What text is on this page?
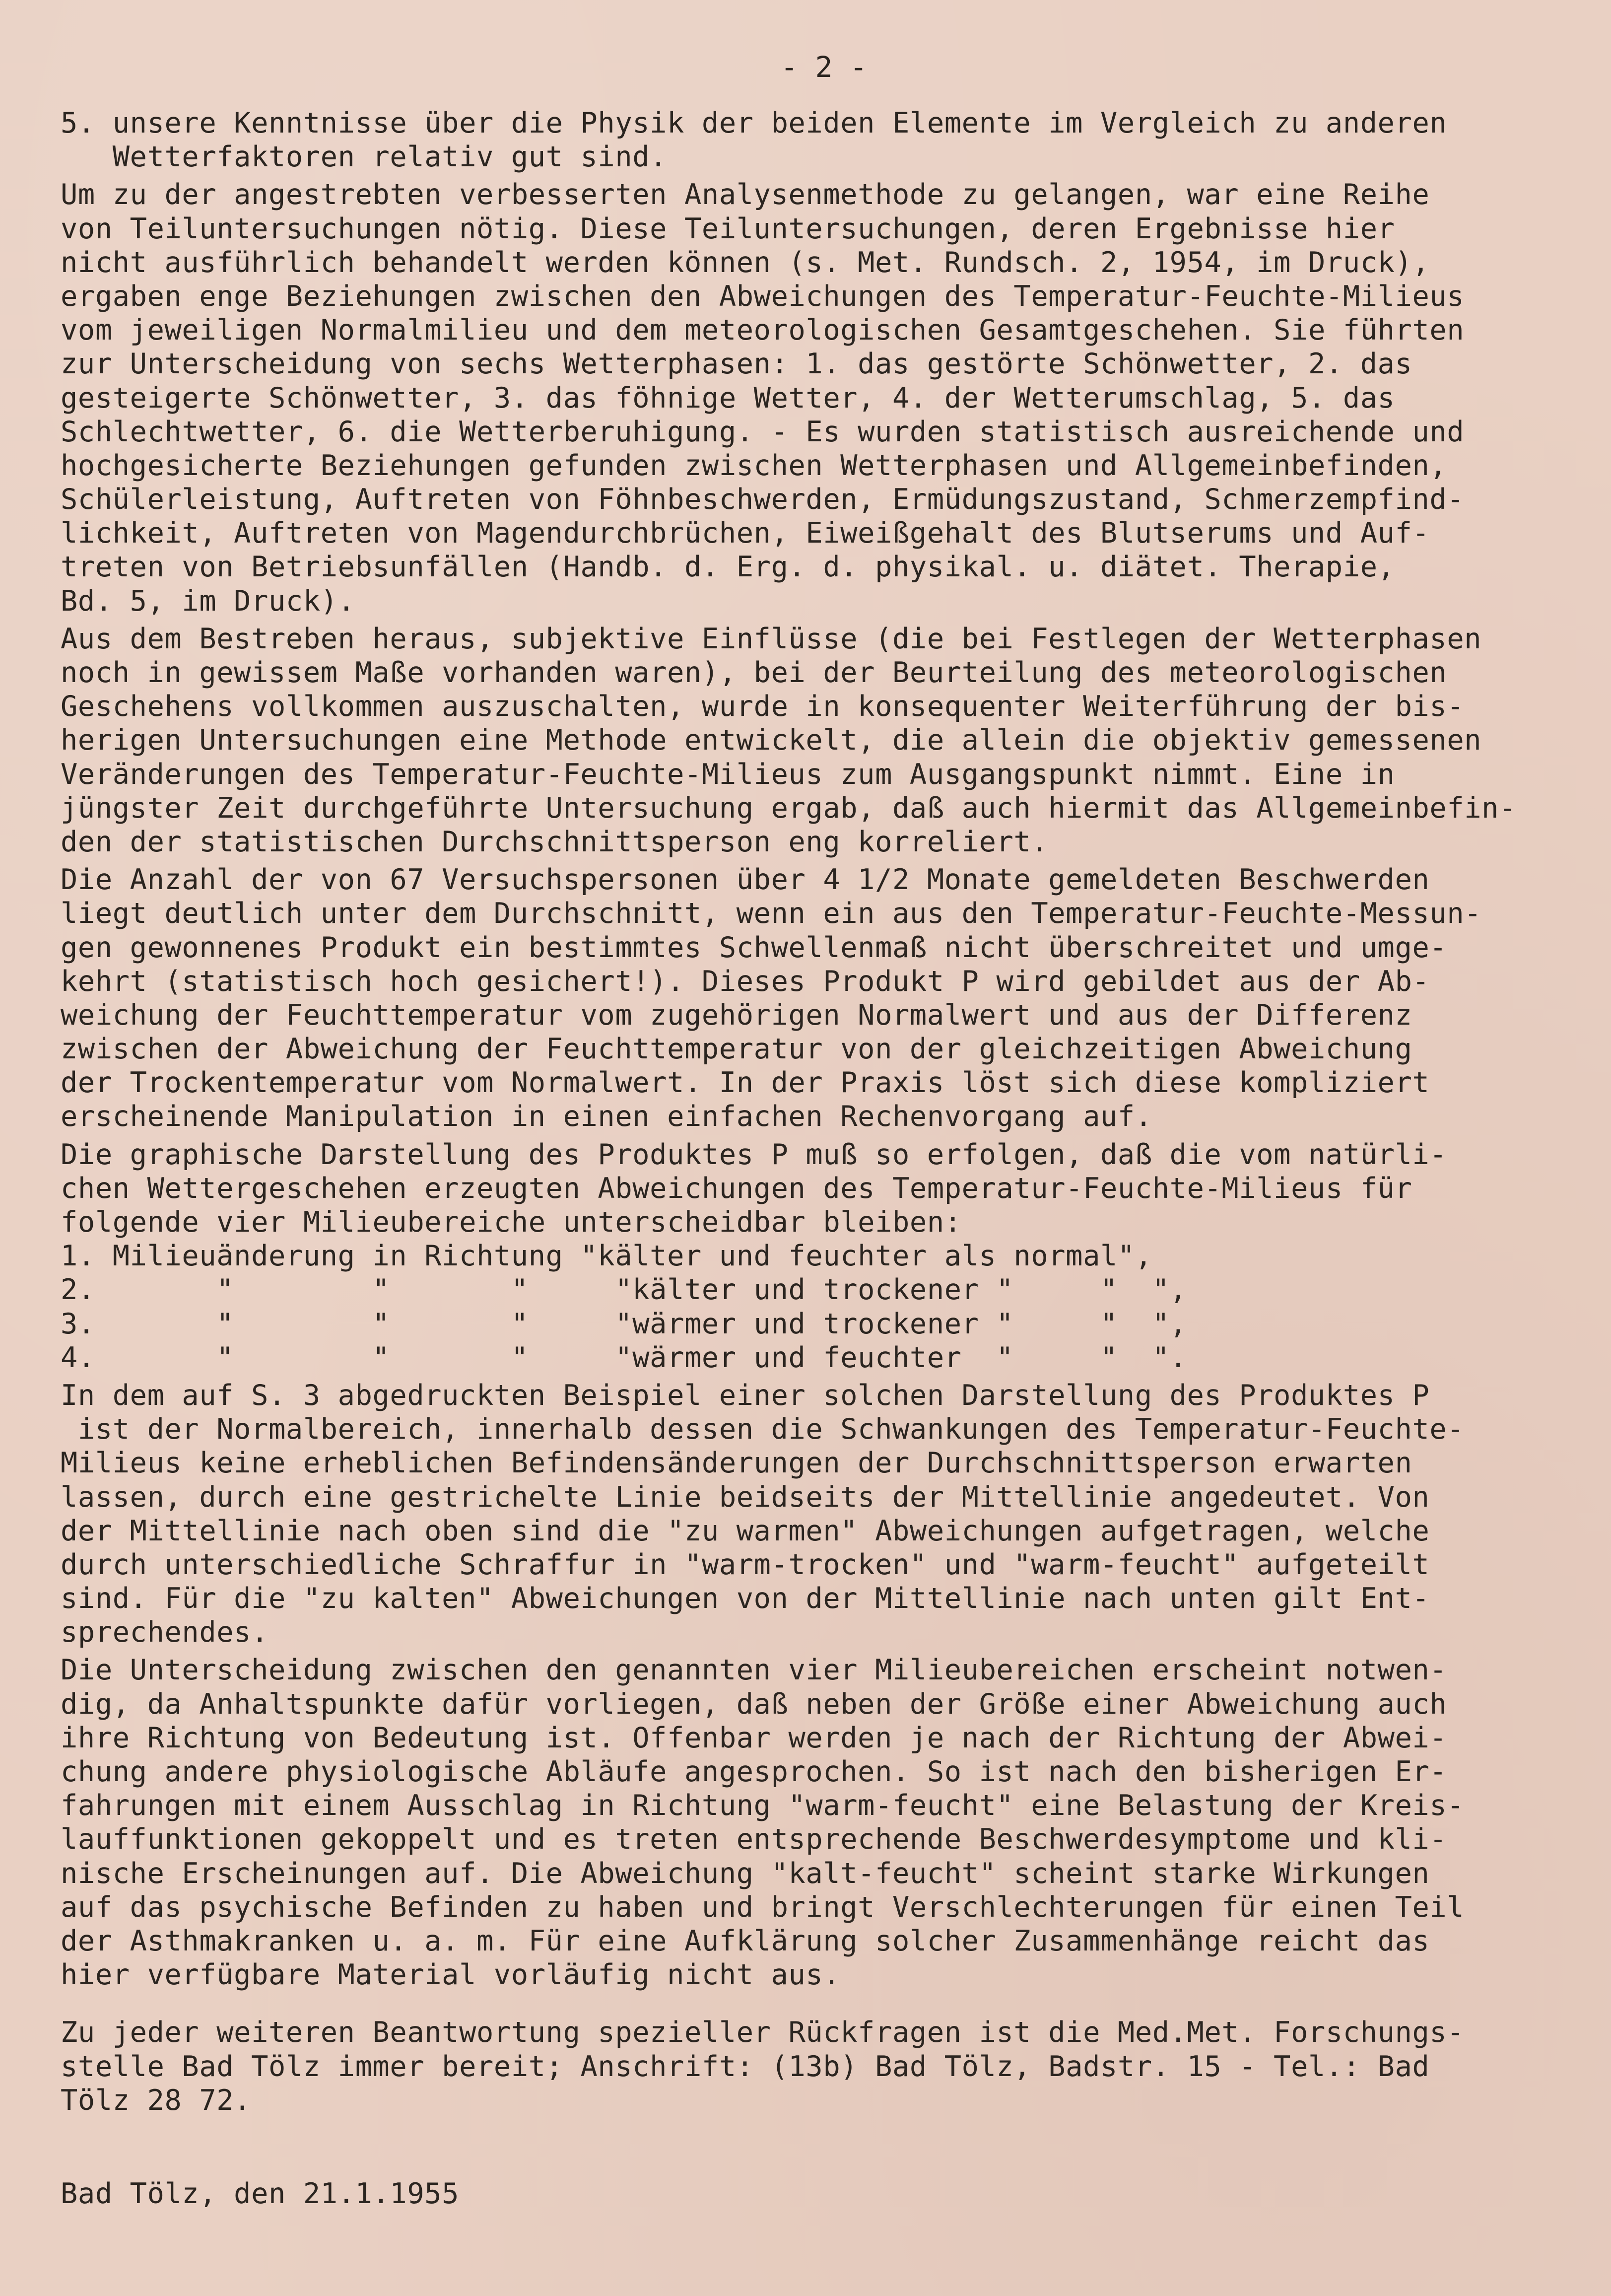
- 2 -
5. unsere Kenntnisse über die Physik der beiden Elemente im Vergleich zu anderen
Wetterfaktoren relativ gut sind.
Um zu der angestrebten verbesserten Analysenmethode zu gelangen, war eine Reihe
von Teiluntersuchungen nötig. Diese Teiluntersuchungen, deren Ergebnisse hier
nicht ausführlich behandelt werden können (s. Met. Rundsch. 2, 1954, im Druck),
ergaben enge Beziehungen zwischen den Abweichungen des Temperatur-Feuchte-Milieus
vom jeweiligen Normalmilieu und dem meteorologischen Gesamtgeschehen. Sie führten
zur Unterscheidung von sechs Wetterphasen: 1. das gestörte Schönwetter, 2. das
gesteigerte Schönwetter, 3. das föhnige Wetter, 4. der Wetterumschlag, 5. das
Schlechtwetter, 6. die Wetterberuhigung. - Es wurden statistisch ausreichende und
hochgesicherte Beziehungen gefunden zwischen Wetterphasen und Allgemeinbefinden,
Schülerleistung, Auftreten von Föhnbeschwerden, Ermüdungszustand, Schmerzempfind-
lichkeit, Auftreten von Magendurchbrüchen, Eiweißgehalt des Blutserums und Auf-
treten von Betriebsunfällen (Handb. d. Erg. d. physikal. u. diätet. Therapie,
Bd. 5, im Druck).
Aus dem Bestreben heraus, subjektive Einflüsse (die bei Festlegen der Wetterphasen
noch in gewissem Maße vorhanden waren), bei der Beurteilung des meteorologischen
Geschehens vollkommen auszuschalten, wurde in konsequenter Weiterführung der bis-
herigen Untersuchungen eine Methode entwickelt, die allein die objektiv gemessenen
Veränderungen des Temperatur-Feuchte-Milieus zum Ausgangspunkt nimmt. Eine in
jüngster Zeit durchgeführte Untersuchung ergab, daß auch hiermit das Allgemeinbefin-
den der statistischen Durchschnittsperson eng korreliert.
Die Anzahl der von 67 Versuchspersonen über 4 1/2 Monate gemeldeten Beschwerden
liegt deutlich unter dem Durchschnitt, wenn ein aus den Temperatur-Feuchte-Messun-
gen gewonnenes Produkt ein bestimmtes Schwellenmaß nicht überschreitet und umge-
kehrt (statistisch hoch gesichert!). Dieses Produkt P wird gebildet aus der Ab-
weichung der Feuchttemperatur vom zugehörigen Normalwert und aus der Differenz
zwischen der Abweichung der Feuchttemperatur von der gleichzeitigen Abweichung
der Trockentemperatur vom Normalwert. In der Praxis löst sich diese kompliziert
erscheinende Manipulation in einen einfachen Rechenvorgang auf.
Die graphische Darstellung des Produktes P muß so erfolgen, daß die vom natürli-
chen Wettergeschehen erzeugten Abweichungen des Temperatur-Feuchte-Milieus für
folgende vier Milieubereiche unterscheidbar bleiben:
1. Milieuänderung in Richtung "kälter und feuchter als normal",
2.       "        "       "     "kälter und trockener "     "  ",
3.       "        "       "     "wärmer und trockener "     "  ",
4.       "        "       "     "wärmer und feuchter  "     "  ".
In dem auf S. 3 abgedruckten Beispiel einer solchen Darstellung des Produktes P
ist der Normalbereich, innerhalb dessen die Schwankungen des Temperatur-Feuchte-
Milieus keine erheblichen Befindensänderungen der Durchschnittsperson erwarten
lassen, durch eine gestrichelte Linie beidseits der Mittellinie angedeutet. Von
der Mittellinie nach oben sind die "zu warmen" Abweichungen aufgetragen, welche
durch unterschiedliche Schraffur in "warm-trocken" und "warm-feucht" aufgeteilt
sind. Für die "zu kalten" Abweichungen von der Mittellinie nach unten gilt Ent-
sprechendes.
Die Unterscheidung zwischen den genannten vier Milieubereichen erscheint notwen-
dig, da Anhaltspunkte dafür vorliegen, daß neben der Größe einer Abweichung auch
ihre Richtung von Bedeutung ist. Offenbar werden je nach der Richtung der Abwei-
chung andere physiologische Abläufe angesprochen. So ist nach den bisherigen Er-
fahrungen mit einem Ausschlag in Richtung "warm-feucht" eine Belastung der Kreis-
lauffunktionen gekoppelt und es treten entsprechende Beschwerdesymptome und kli-
nische Erscheinungen auf. Die Abweichung "kalt-feucht" scheint starke Wirkungen
auf das psychische Befinden zu haben und bringt Verschlechterungen für einen Teil
der Asthmakranken u. a. m. Für eine Aufklärung solcher Zusammenhänge reicht das
hier verfügbare Material vorläufig nicht aus.
Zu jeder weiteren Beantwortung spezieller Rückfragen ist die Med.Met. Forschungs-
stelle Bad Tölz immer bereit; Anschrift: (13b) Bad Tölz, Badstr. 15 - Tel.: Bad
Tölz 28 72.
Bad Tölz, den 21.1.1955
